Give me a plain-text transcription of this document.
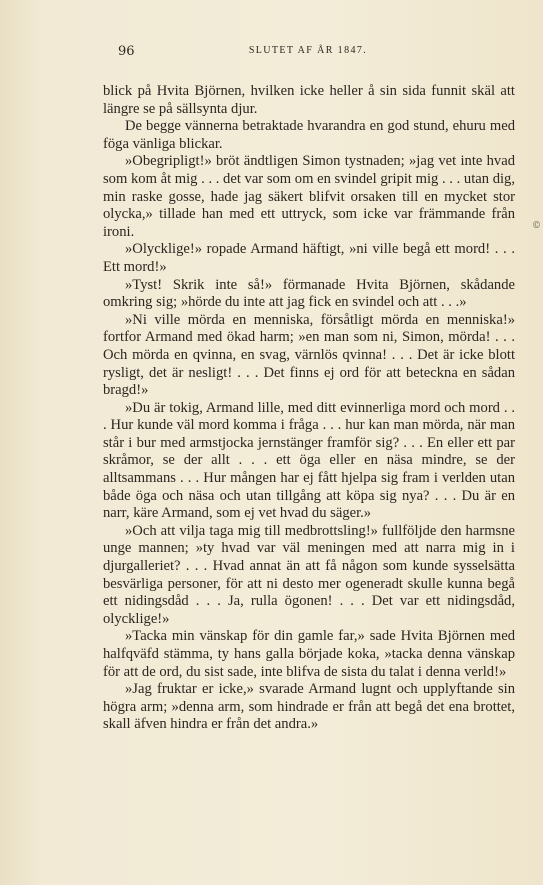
96	SLUTET AF ÅR 1847.

blick på Hvita Björnen, hvilken icke heller å sin sida funnit skäl att längre se på sällsynta djur.

De begge vännerna betraktade hvarandra en god stund, ehuru med föga vänliga blickar.

»Obegripligt!» bröt ändtligen Simon tystnaden; »jag vet inte hvad som kom åt mig . . . det var som om en svindel gripit mig . . . utan dig, min raske gosse, hade jag säkert blifvit orsaken till en mycket stor olycka,» tillade han med ett uttryck, som icke var främmande från ironi.

»Olycklige!» ropade Armand häftigt, »ni ville begå ett mord! . . . Ett mord!»

»Tyst! Skrik inte så!» förmanade Hvita Björnen, skådande omkring sig; »hörde du inte att jag fick en svindel och att . . .»

»Ni ville mörda en menniska, försåtligt mörda en menniska!» fortfor Armand med ökad harm; »en man som ni, Simon, mörda! . . . Och mörda en qvinna, en svag, värnlös qvinna! . . . Det är icke blott rysligt, det är nesligt! . . . Det finns ej ord för att beteckna en sådan bragd!»

»Du är tokig, Armand lille, med ditt evinnerliga mord och mord . . . Hur kunde väl mord komma i fråga . . . hur kan man mörda, när man står i bur med armstjocka jernstänger framför sig? . . . En eller ett par skråmor, se der allt . . . ett öga eller en näsa mindre, se der alltsammans . . . Hur mången har ej fått hjelpa sig fram i verlden utan både öga och näsa och utan tillgång att köpa sig nya? . . . Du är en narr, käre Armand, som ej vet hvad du säger.»

»Och att vilja taga mig till medbrottsling!» fullföljde den harmsne unge mannen; »ty hvad var väl meningen med att narra mig in i djurgalleriet? . . . Hvad annat än att få någon som kunde sysselsätta besvärliga personer, för att ni desto mer ogeneradt skulle kunna begå ett nidingsdåd . . . Ja, rulla ögonen! . . . Det var ett nidingsdåd, olycklige!»

»Tacka min vänskap för din gamle far,» sade Hvita Björnen med halfqväfd stämma, ty hans galla började koka, »tacka denna vänskap för att de ord, du sist sade, inte blifva de sista du talat i denna verld!»

»Jag fruktar er icke,» svarade Armand lugnt och upplyftande sin högra arm; »denna arm, som hindrade er från att begå det ena brottet, skall äfven hindra er från det andra.»

©
